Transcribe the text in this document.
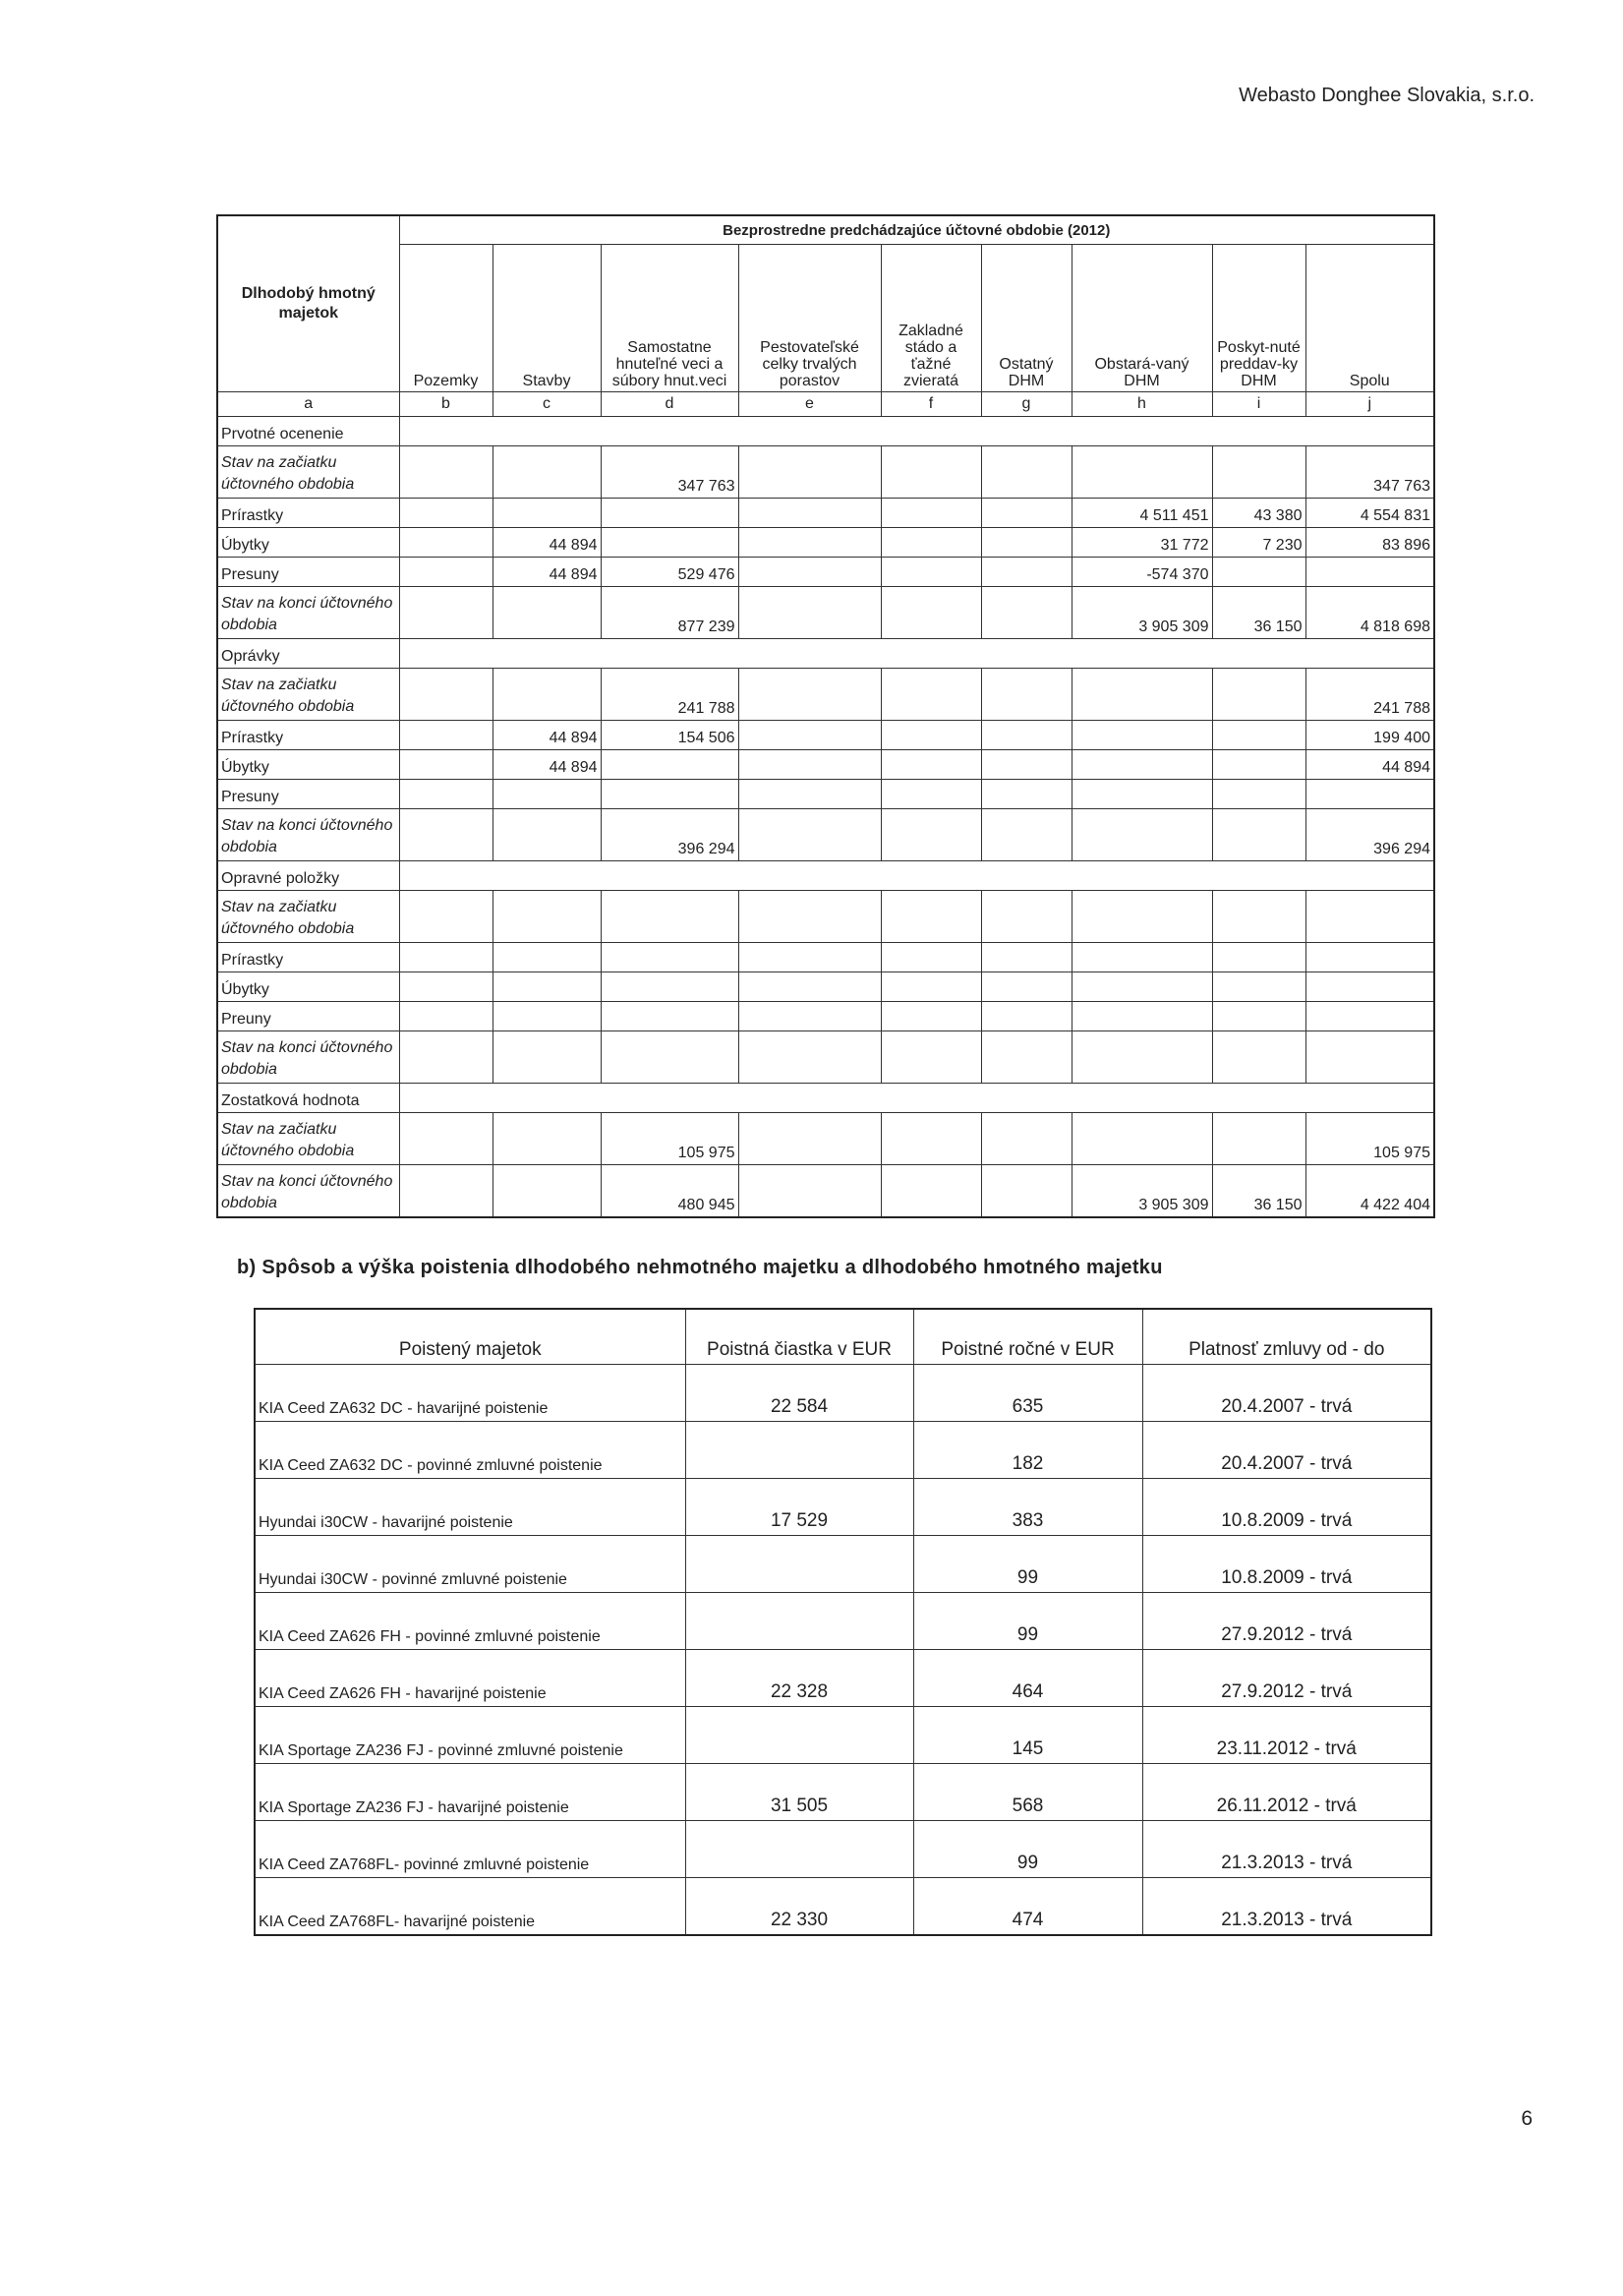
Webasto Donghee Slovakia, s.r.o.
Dlhodobý hmotný majetok	Bezprostredne predchádzajúce účtovné obdobie (2012)								
	Pozemky	Stavby	Samostatne hnuteľné veci a súbory hnut.veci	Pestovateľské celky trvalých porastov	Zakladné stádo a ťažné zvieratá	Ostatný DHM	Obstará-vaný DHM	Poskyt-nuté preddav-ky DHM	Spolu
a	b	c	d	e	f	g	h	i	j
Prvotné ocenenie									
Stav na začiatku účtovného obdobia			347 763						347 763
Prírastky							4 511 451	43 380	4 554 831
Úbytky		44 894					31 772	7 230	83 896
Presuny		44 894	529 476				-574 370		
Stav na konci účtovného obdobia			877 239				3 905 309	36 150	4 818 698
Oprávky									
Stav na začiatku účtovného obdobia			241 788						241 788
Prírastky		44 894	154 506						199 400
Úbytky		44 894							44 894
Presuny									
Stav na konci účtovného obdobia			396 294						396 294
Opravné položky									
Stav na začiatku účtovného obdobia									
Prírastky									
Úbytky									
Preuny									
Stav na konci účtovného obdobia									
Zostatková hodnota									
Stav na začiatku účtovného obdobia			105 975						105 975
Stav na konci účtovného obdobia			480 945				3 905 309	36 150	4 422 404
b) Spôsob a výška poistenia dlhodobého nehmotného majetku a dlhodobého hmotného majetku
Poistený majetok	Poistná čiastka v EUR	Poistné ročné v EUR	Platnosť zmluvy od - do
KIA Ceed ZA632 DC - havarijné poistenie	22 584	635	20.4.2007 - trvá
KIA Ceed ZA632 DC - povinné zmluvné poistenie		182	20.4.2007 - trvá
Hyundai i30CW - havarijné poistenie	17 529	383	10.8.2009 - trvá
Hyundai i30CW - povinné zmluvné poistenie		99	10.8.2009 - trvá
KIA Ceed ZA626 FH - povinné zmluvné poistenie		99	27.9.2012 - trvá
KIA Ceed ZA626 FH - havarijné poistenie	22 328	464	27.9.2012 - trvá
KIA Sportage ZA236 FJ - povinné zmluvné poistenie		145	23.11.2012 - trvá
KIA Sportage ZA236 FJ - havarijné poistenie	31 505	568	26.11.2012 - trvá
KIA Ceed ZA768FL- povinné zmluvné poistenie		99	21.3.2013 - trvá
KIA Ceed ZA768FL- havarijné poistenie	22 330	474	21.3.2013 - trvá
6
